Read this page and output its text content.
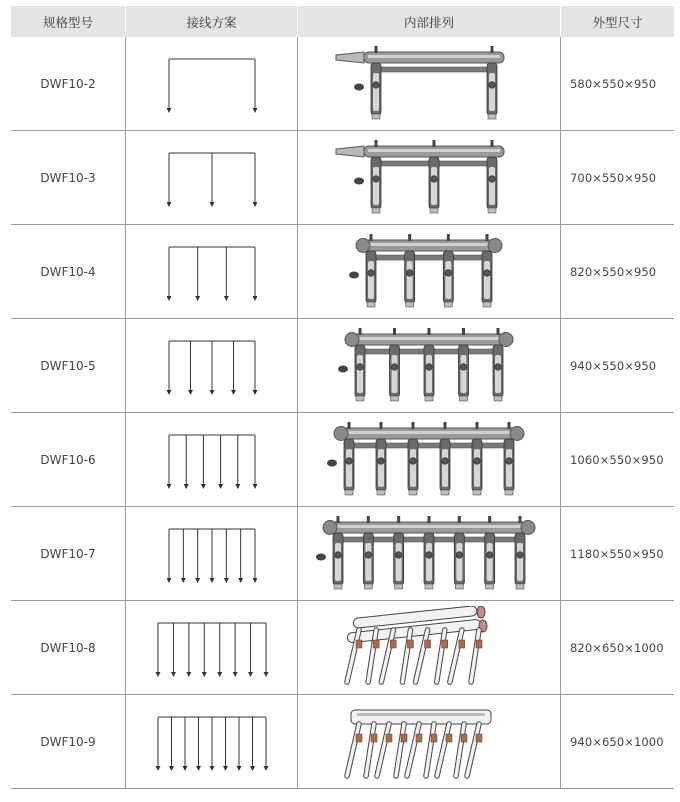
规格型号	接线方案	内部排列	外型尺寸
DWF10-2			580×550×950
DWF10-3			700×550×950
DWF10-4			820×550×950
DWF10-5			940×550×950
DWF10-6			1060×550×950
DWF10-7			1180×550×950
DWF10-8			820×650×1000
DWF10-9			940×650×1000
